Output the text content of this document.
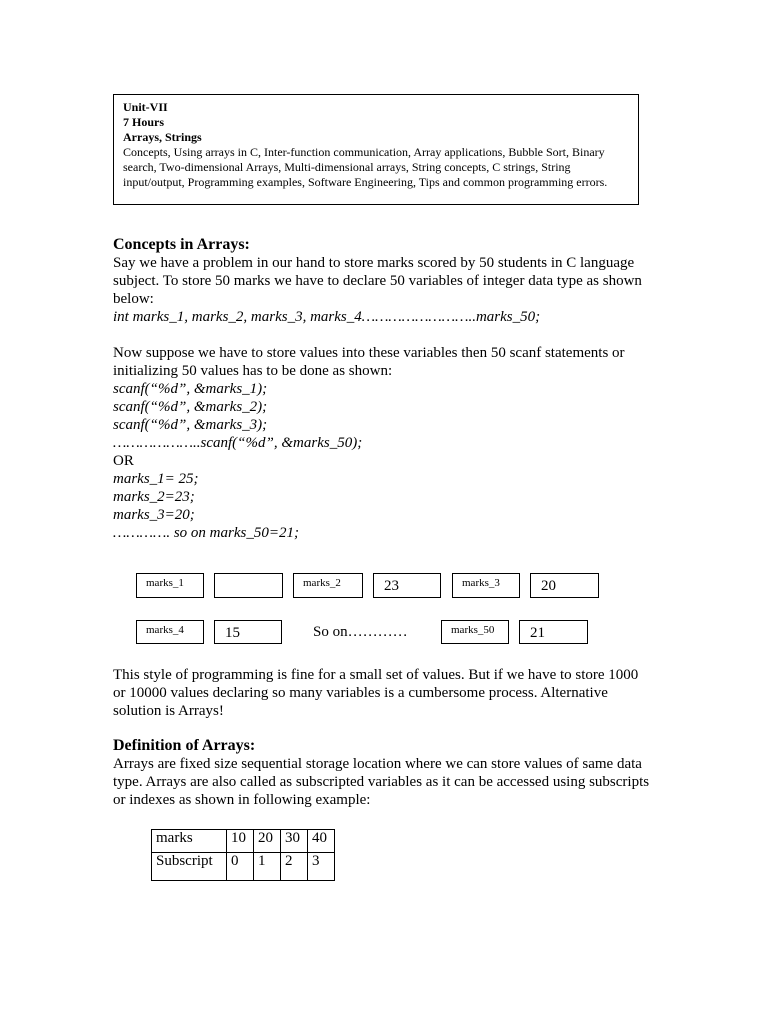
Unit-VII
7 Hours
Arrays, Strings
Concepts, Using arrays in C, Inter-function communication, Array applications, Bubble Sort, Binary search, Two-dimensional Arrays, Multi-dimensional arrays, String concepts, C strings, String input/output, Programming examples, Software Engineering, Tips and common programming errors.

Concepts in Arrays:

Say we have a problem in our hand to store marks scored by 50 students in C language subject. To store 50 marks we have to declare 50 variables of integer data type as shown below:

int marks_1, marks_2, marks_3, marks_4……………………..marks_50;

Now suppose we have to store values into these variables then 50 scanf statements or initializing 50 values has to be done as shown:

scanf(“%d”, &marks_1);

scanf(“%d”, &marks_2);

scanf(“%d”, &marks_3);

………………..scanf(“%d”, &marks_50);

OR

marks_1= 25;

marks_2=23;

marks_3=20;

…………. so on marks_50=21;

marks_1	marks_2	23	marks_3	20
marks_4	15	So on…………	marks_50	21
This style of programming is fine for a small set of values. But if we have to store 1000 or 10000 values declaring so many variables is a cumbersome process. Alternative solution is Arrays!

Definition of Arrays:

Arrays are fixed size sequential storage location where we can store values of same data type. Arrays are also called as subscripted variables as it can be accessed using subscripts or indexes as shown in following example:

marks	10	20	30	40
Subscript	0	1	2	3
